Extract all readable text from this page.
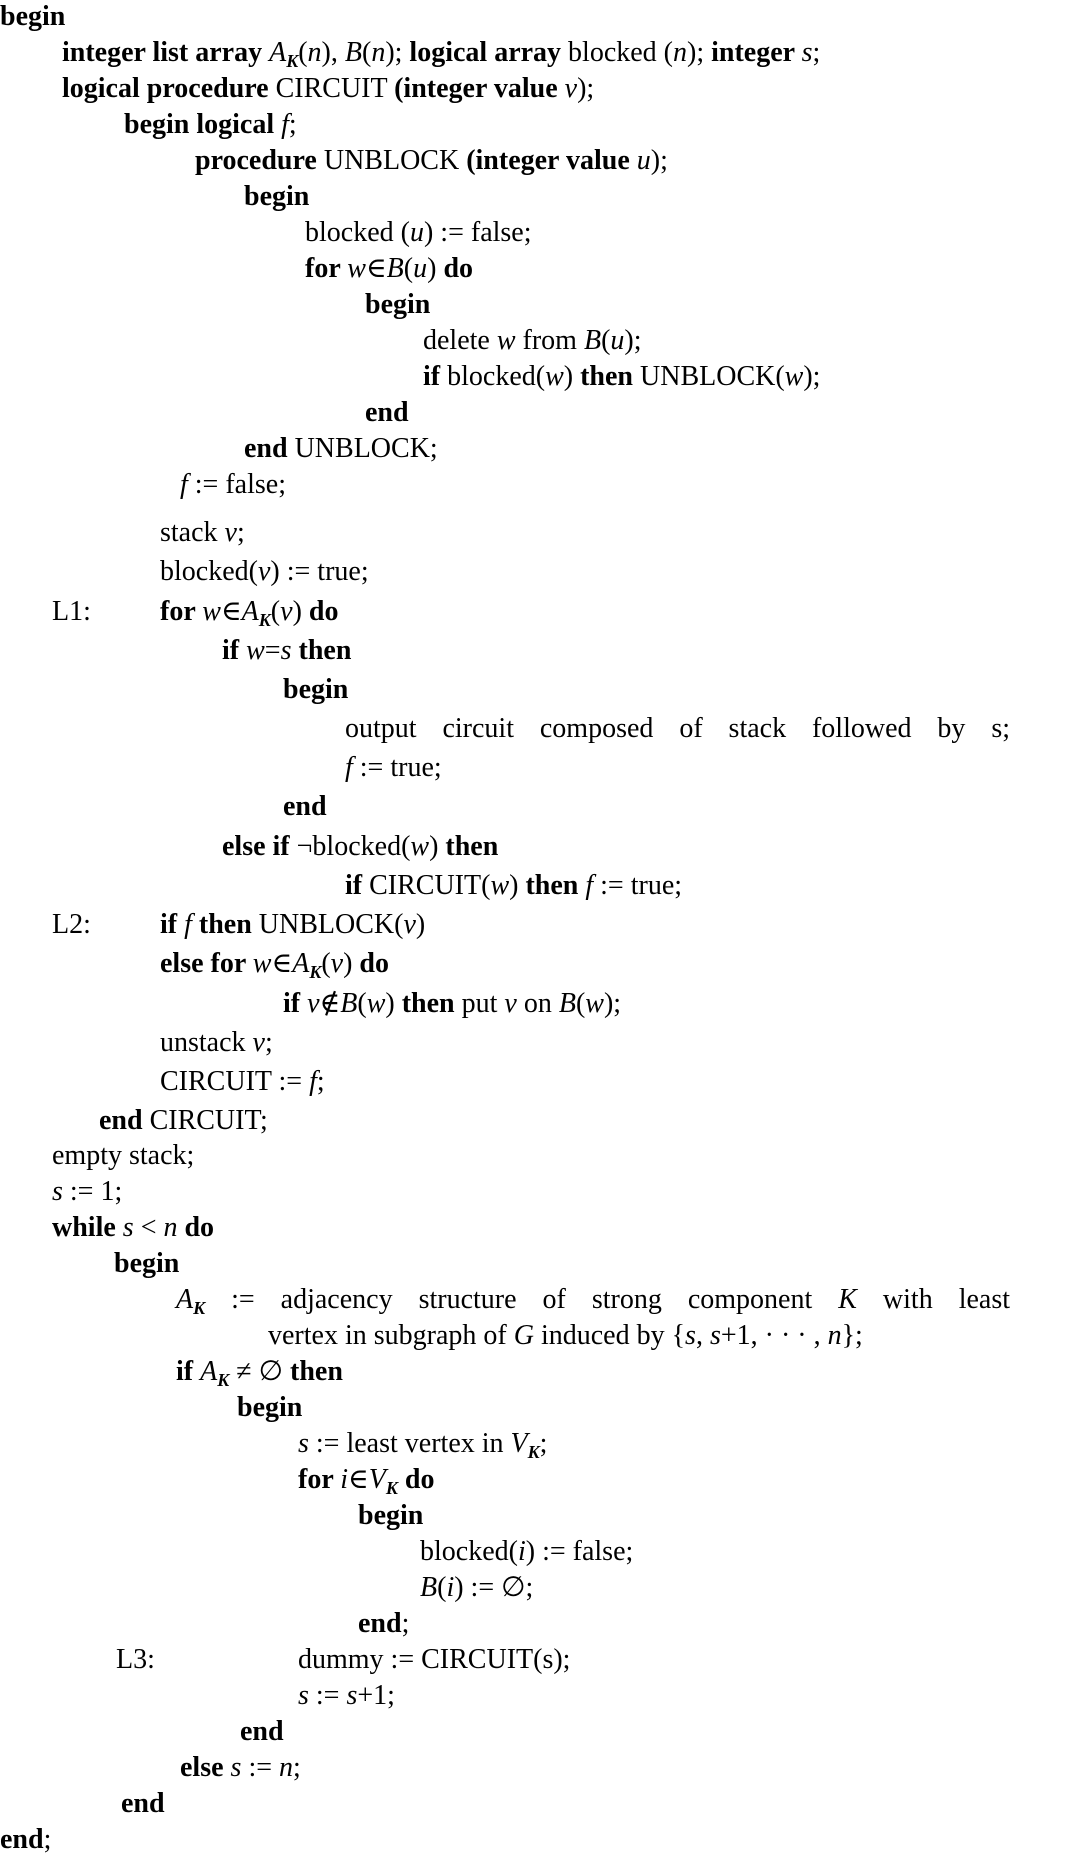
begin
integer list array $A_K(n)$, B(n); logical array blocked (n); integer s;
logical procedure CIRCUIT (integer value v);
begin logical f;
procedure UNBLOCK (integer value u);
begin
blocked (u) := false;
for w∈B(u) do
begin
delete w from B(u);
if blocked(w) then UNBLOCK(w);
end
end UNBLOCK;
f := false;
stack v;
blocked(v) := true;
for $w\in A_K(v)$ do
L1:
if w=s then
begin
output circuit composed of stack followed by s;
f := true;
end
else if ¬blocked(w) then
if CIRCUIT(w) then f := true;
if f then UNBLOCK(v)
L2:
else for $w\in A_K(v)$ do
if v∉B(w) then put v on B(w);
unstack v;
CIRCUIT := f;
end CIRCUIT;
empty stack;
s := 1;
while s < n do
begin
$A_K$ := adjacency structure of strong component K with least
vertex in subgraph of G induced by {s, s+1, · · · , n};
if $A_K$ ≠ ∅ then
begin
s := least vertex in $V_K$;
for $i\in V_K$ do
begin
blocked(i) := false;
B(i) := ∅;
end;
dummy := CIRCUIT(s);
L3:
s := s+1;
end
else s := n;
end
end;
